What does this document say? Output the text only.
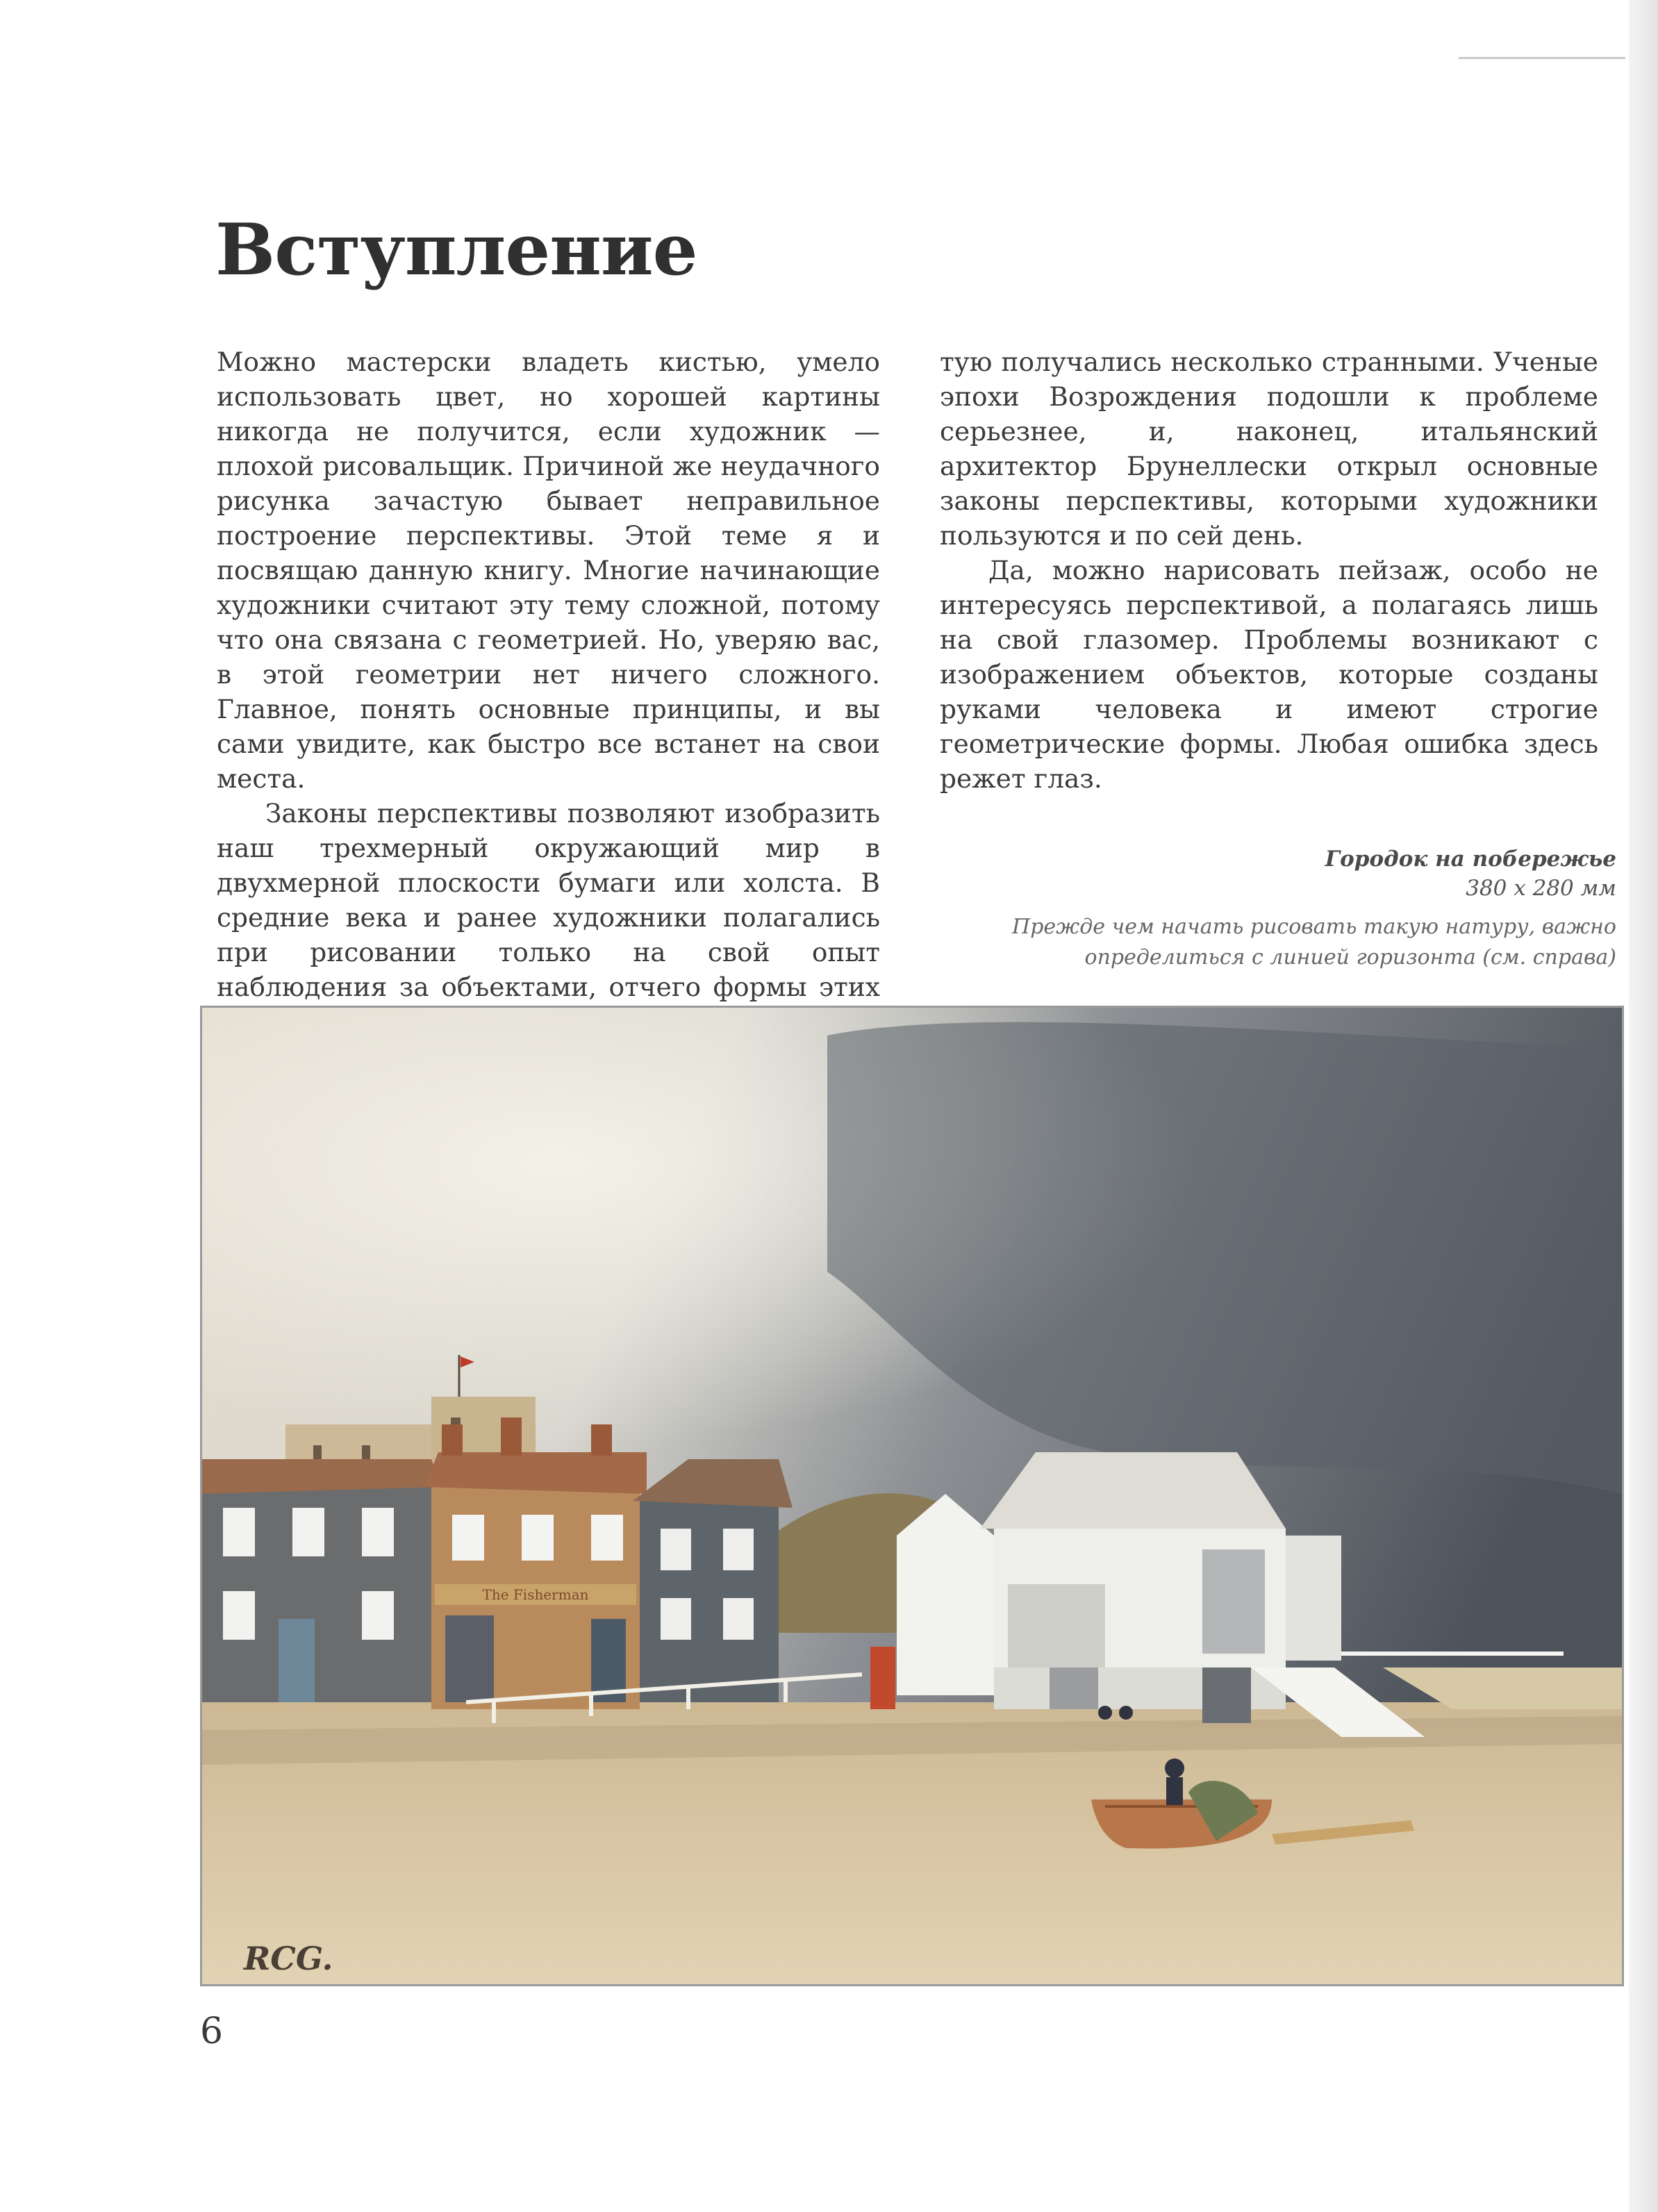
Вступление

Можно мастерски владеть кистью, умело использовать цвет, но хорошей картины никогда не получится, если художник — плохой рисовальщик. Причиной же неудачного рисунка зачастую бывает неправильное построение перспективы. Этой теме я и посвящаю данную книгу. Многие начинающие художники считают эту тему сложной, потому что она связана с геометрией. Но, уверяю вас, в этой геометрии нет ничего сложного. Главное, понять основные принципы, и вы сами увидите, как быстро все встанет на свои места.

Законы перспективы позволяют изобразить наш трехмерный окружающий мир в двухмерной плоскости бумаги или холста. В средние века и ранее художники полагались при рисовании только на свой опыт наблюдения за объектами, отчего формы этих

тую получались несколько странными. Ученые эпохи Возрождения подошли к проблеме серьезнее, и, наконец, итальянский архитектор Брунеллески открыл основные законы перспективы, которыми художники пользуются и по сей день.

Да, можно нарисовать пейзаж, особо не интересуясь перспективой, а полагаясь лишь на свой глазомер. Проблемы возникают с изображением объектов, которые созданы руками человека и имеют строгие геометрические формы. Любая ошибка здесь режет глаз.

Городок на побережье
380 x 280 мм
Прежде чем начать рисовать такую натуру, важно
определиться с линией горизонта (см. справа)
The Fisherman
RCG.
6
